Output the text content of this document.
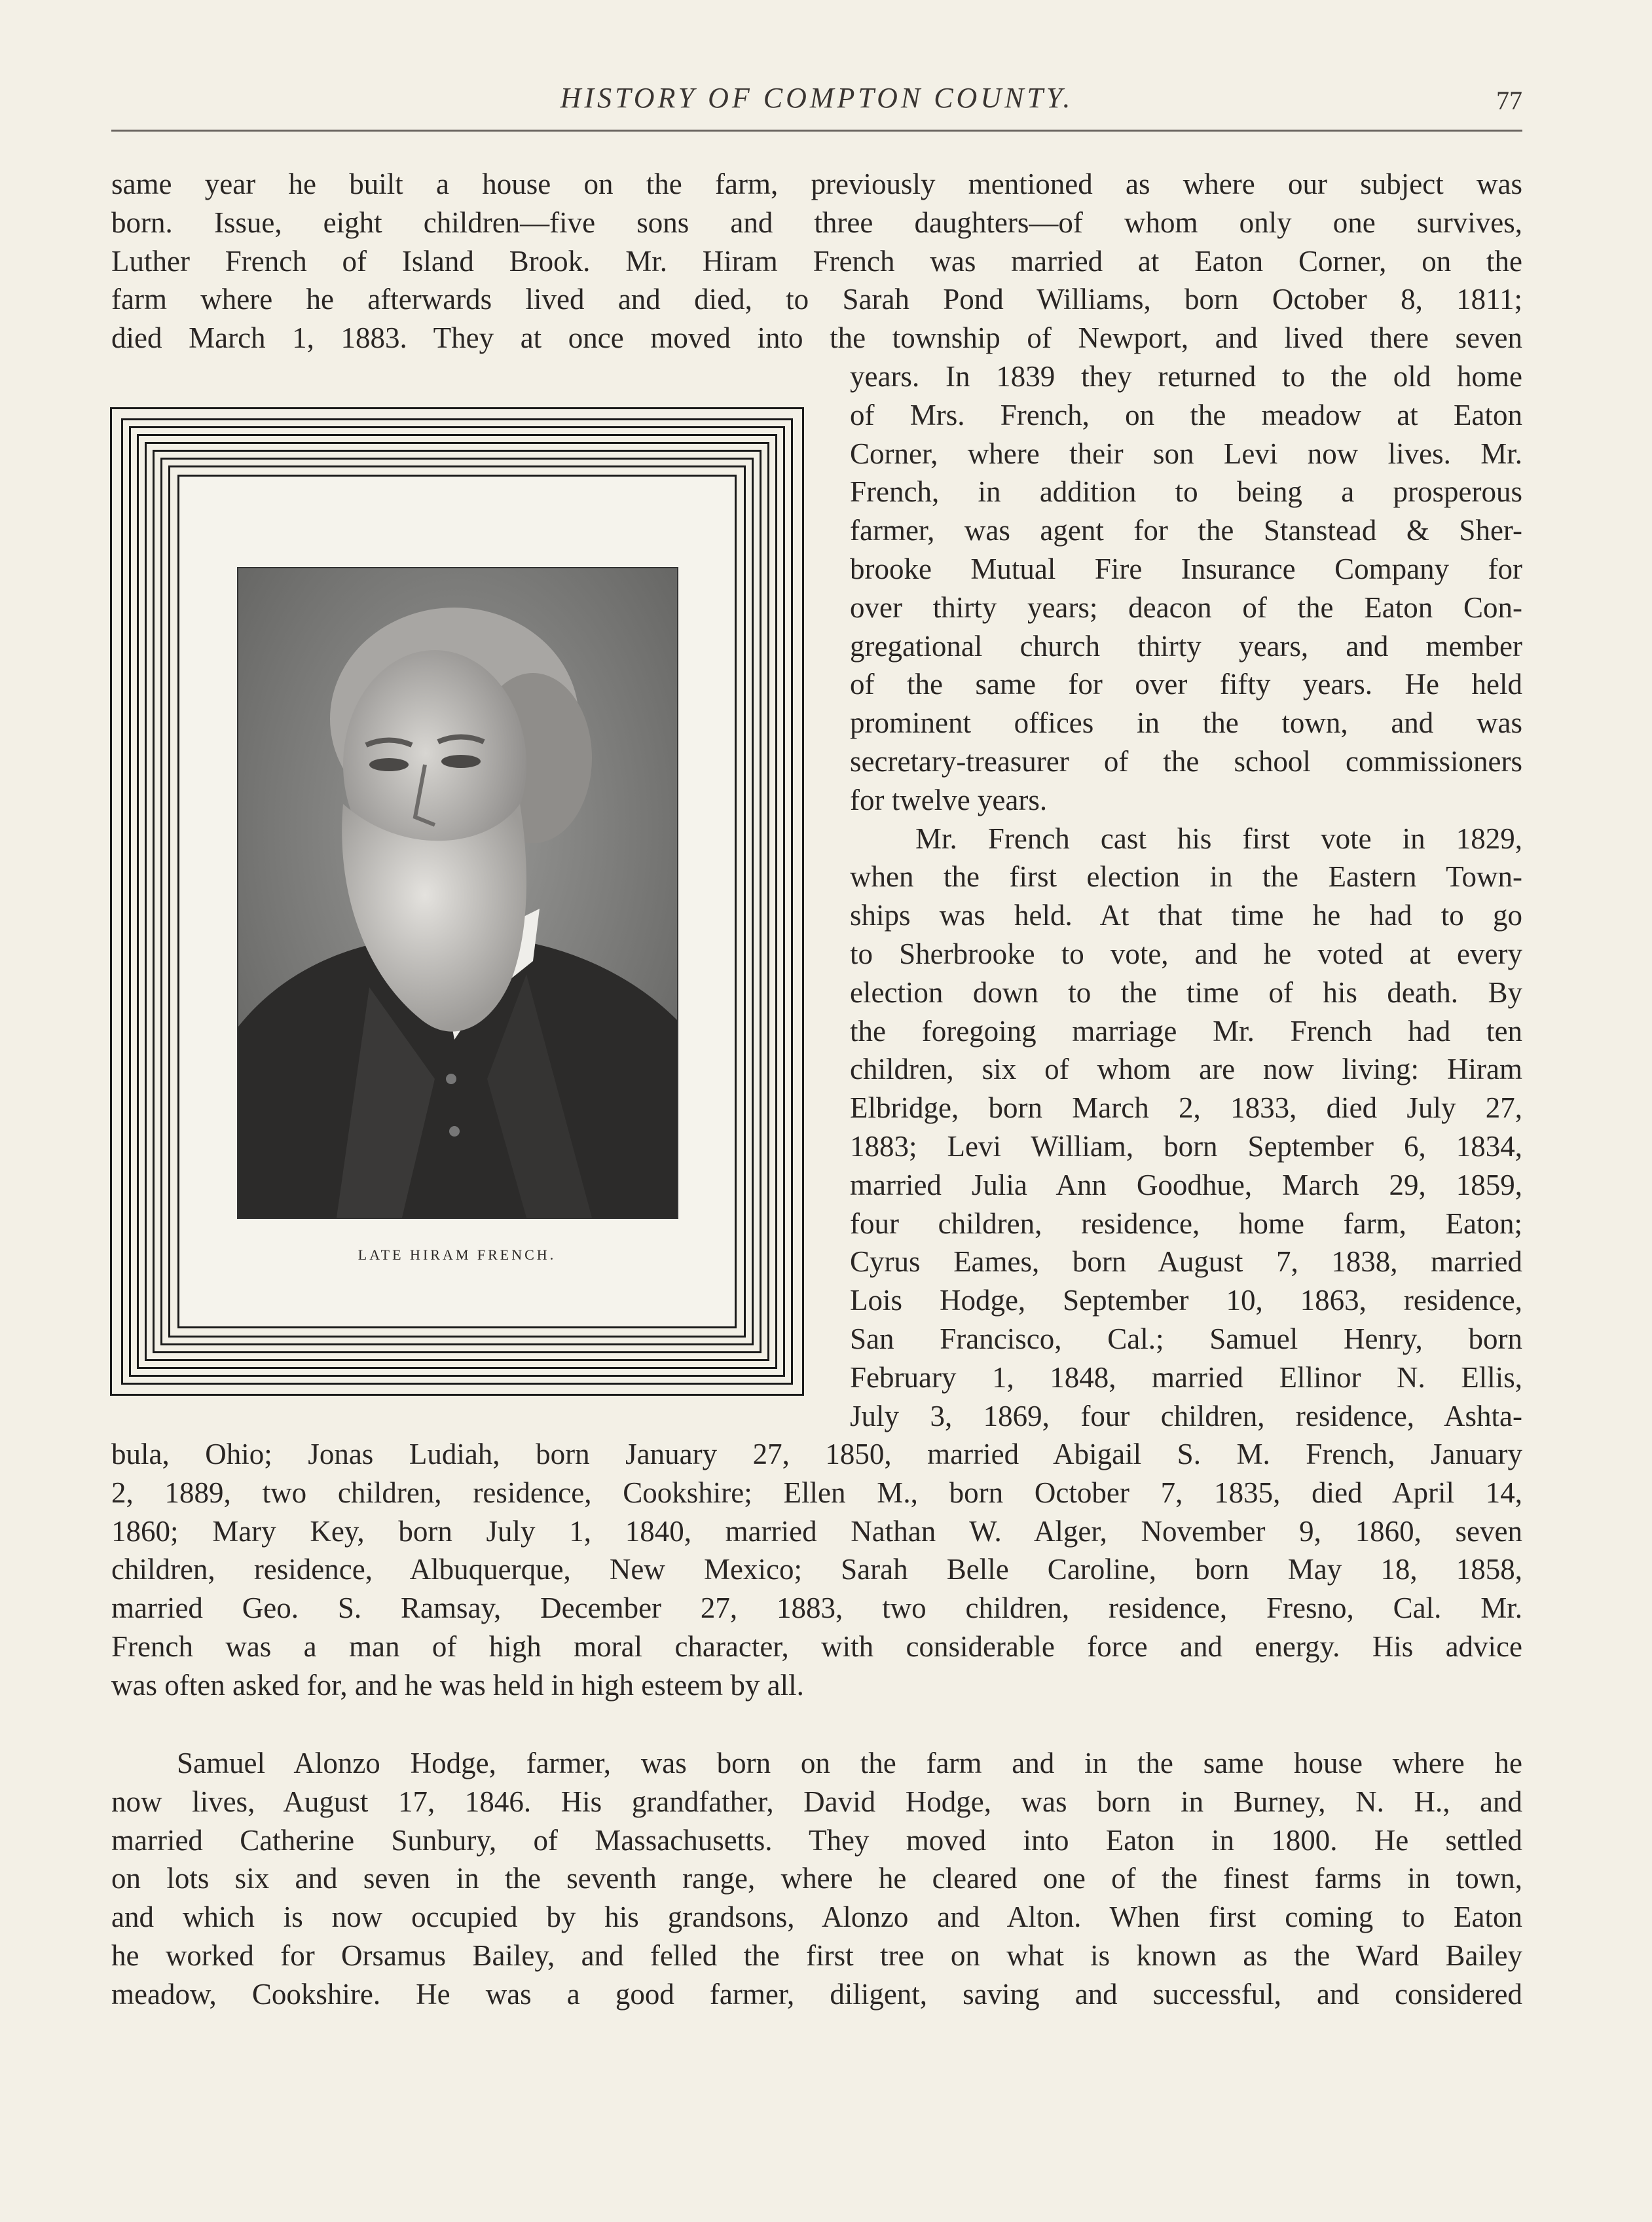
HISTORY OF COMPTON COUNTY.	77
same year he built a house on the farm, previously mentioned as where our subject was
born. Issue, eight children—five sons and three daughters—of whom only one survives,
Luther French of Island Brook. Mr. Hiram French was married at Eaton Corner, on the
farm where he afterwards lived and died, to Sarah Pond Williams, born October 8, 1811;
died March 1, 1883. They at once moved into the township of Newport, and lived there seven
LATE HIRAM FRENCH.
years. In 1839 they returned to the old home
of Mrs. French, on the meadow at Eaton
Corner, where their son Levi now lives. Mr.
French, in addition to being a prosperous
farmer, was agent for the Stanstead & Sher-
brooke Mutual Fire Insurance Company for
over thirty years; deacon of the Eaton Con-
gregational church thirty years, and member
of the same for over fifty years. He held
prominent offices in the town, and was
secretary-treasurer of the school commissioners
for twelve years.
Mr. French cast his first vote in 1829,
when the first election in the Eastern Town-
ships was held. At that time he had to go
to Sherbrooke to vote, and he voted at every
election down to the time of his death. By
the foregoing marriage Mr. French had ten
children, six of whom are now living: Hiram
Elbridge, born March 2, 1833, died July 27,
1883; Levi William, born September 6, 1834,
married Julia Ann Goodhue, March 29, 1859,
four children, residence, home farm, Eaton;
Cyrus Eames, born August 7, 1838, married
Lois Hodge, September 10, 1863, residence,
San Francisco, Cal.; Samuel Henry, born
February 1, 1848, married Ellinor N. Ellis,
July 3, 1869, four children, residence, Ashta-
bula, Ohio; Jonas Ludiah, born January 27, 1850, married Abigail S. M. French, January
2, 1889, two children, residence, Cookshire; Ellen M., born October 7, 1835, died April 14,
1860; Mary Key, born July 1, 1840, married Nathan W. Alger, November 9, 1860, seven
children, residence, Albuquerque, New Mexico; Sarah Belle Caroline, born May 18, 1858,
married Geo. S. Ramsay, December 27, 1883, two children, residence, Fresno, Cal. Mr.
French was a man of high moral character, with considerable force and energy. His advice
was often asked for, and he was held in high esteem by all.
Samuel Alonzo Hodge, farmer, was born on the farm and in the same house where he
now lives, August 17, 1846. His grandfather, David Hodge, was born in Burney, N. H., and
married Catherine Sunbury, of Massachusetts. They moved into Eaton in 1800. He settled
on lots six and seven in the seventh range, where he cleared one of the finest farms in town,
and which is now occupied by his grandsons, Alonzo and Alton. When first coming to Eaton
he worked for Orsamus Bailey, and felled the first tree on what is known as the Ward Bailey
meadow, Cookshire. He was a good farmer, diligent, saving and successful, and considered
